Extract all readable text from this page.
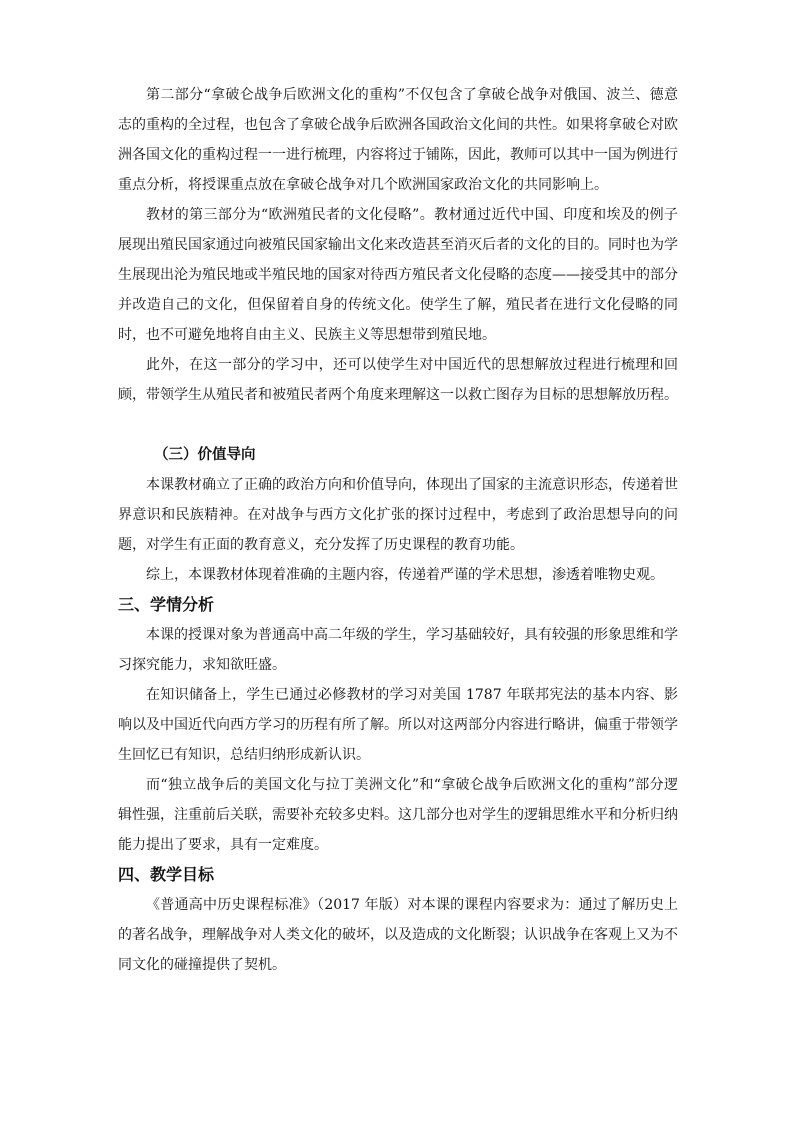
第二部分“拿破仑战争后欧洲文化的重构”不仅包含了拿破仑战争对俄国、波兰、德意志的重构的全过程，也包含了拿破仑战争后欧洲各国政治文化间的共性。如果将拿破仑对欧洲各国文化的重构过程一一进行梳理，内容将过于铺陈，因此，教师可以其中一国为例进行重点分析，将授课重点放在拿破仑战争对几个欧洲国家政治文化的共同影响上。

教材的第三部分为“欧洲殖民者的文化侵略”。教材通过近代中国、印度和埃及的例子展现出殖民国家通过向被殖民国家输出文化来改造甚至消灭后者的文化的目的。同时也为学生展现出沦为殖民地或半殖民地的国家对待西方殖民者文化侵略的态度——接受其中的部分并改造自己的文化，但保留着自身的传统文化。使学生了解，殖民者在进行文化侵略的同时，也不可避免地将自由主义、民族主义等思想带到殖民地。

此外，在这一部分的学习中，还可以使学生对中国近代的思想解放过程进行梳理和回顾，带领学生从殖民者和被殖民者两个角度来理解这一以救亡图存为目标的思想解放历程。

（三）价值导向

本课教材确立了正确的政治方向和价值导向，体现出了国家的主流意识形态，传递着世界意识和民族精神。在对战争与西方文化扩张的探讨过程中，考虑到了政治思想导向的问题，对学生有正面的教育意义，充分发挥了历史课程的教育功能。

综上，本课教材体现着准确的主题内容，传递着严谨的学术思想，渗透着唯物史观。

三、学情分析

本课的授课对象为普通高中高二年级的学生，学习基础较好，具有较强的形象思维和学习探究能力，求知欲旺盛。

在知识储备上，学生已通过必修教材的学习对美国 1787 年联邦宪法的基本内容、影响以及中国近代向西方学习的历程有所了解。所以对这两部分内容进行略讲，偏重于带领学生回忆已有知识，总结归纳形成新认识。

而“独立战争后的美国文化与拉丁美洲文化”和“拿破仑战争后欧洲文化的重构”部分逻辑性强，注重前后关联，需要补充较多史料。这几部分也对学生的逻辑思维水平和分析归纳能力提出了要求，具有一定难度。

四、教学目标

《普通高中历史课程标准》（2017 年版）对本课的课程内容要求为：通过了解历史上的著名战争，理解战争对人类文化的破坏，以及造成的文化断裂；认识战争在客观上又为不同文化的碰撞提供了契机。
